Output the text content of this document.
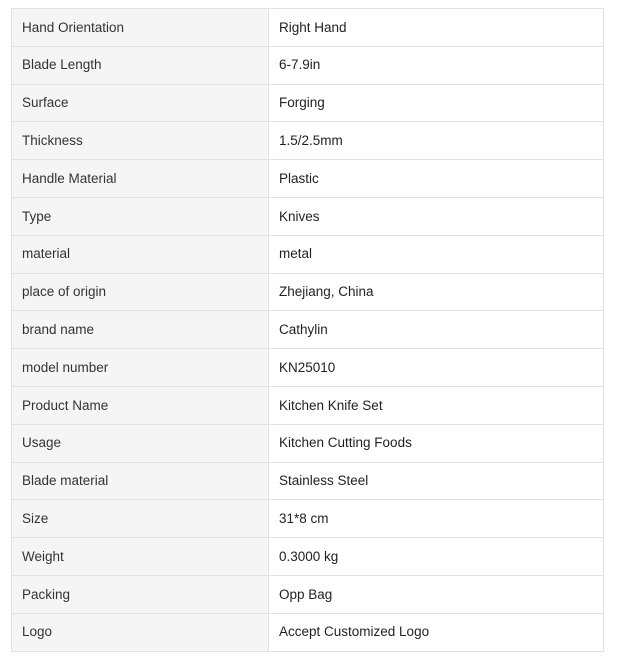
Hand Orientation	Right Hand
Blade Length	6-7.9in
Surface	Forging
Thickness	1.5/2.5mm
Handle Material	Plastic
Type	Knives
material	metal
place of origin	Zhejiang, China
brand name	Cathylin
model number	KN25010
Product Name	Kitchen Knife Set
Usage	Kitchen Cutting Foods
Blade material	Stainless Steel
Size	31*8 cm
Weight	0.3000 kg
Packing	Opp Bag
Logo	Accept Customized Logo
